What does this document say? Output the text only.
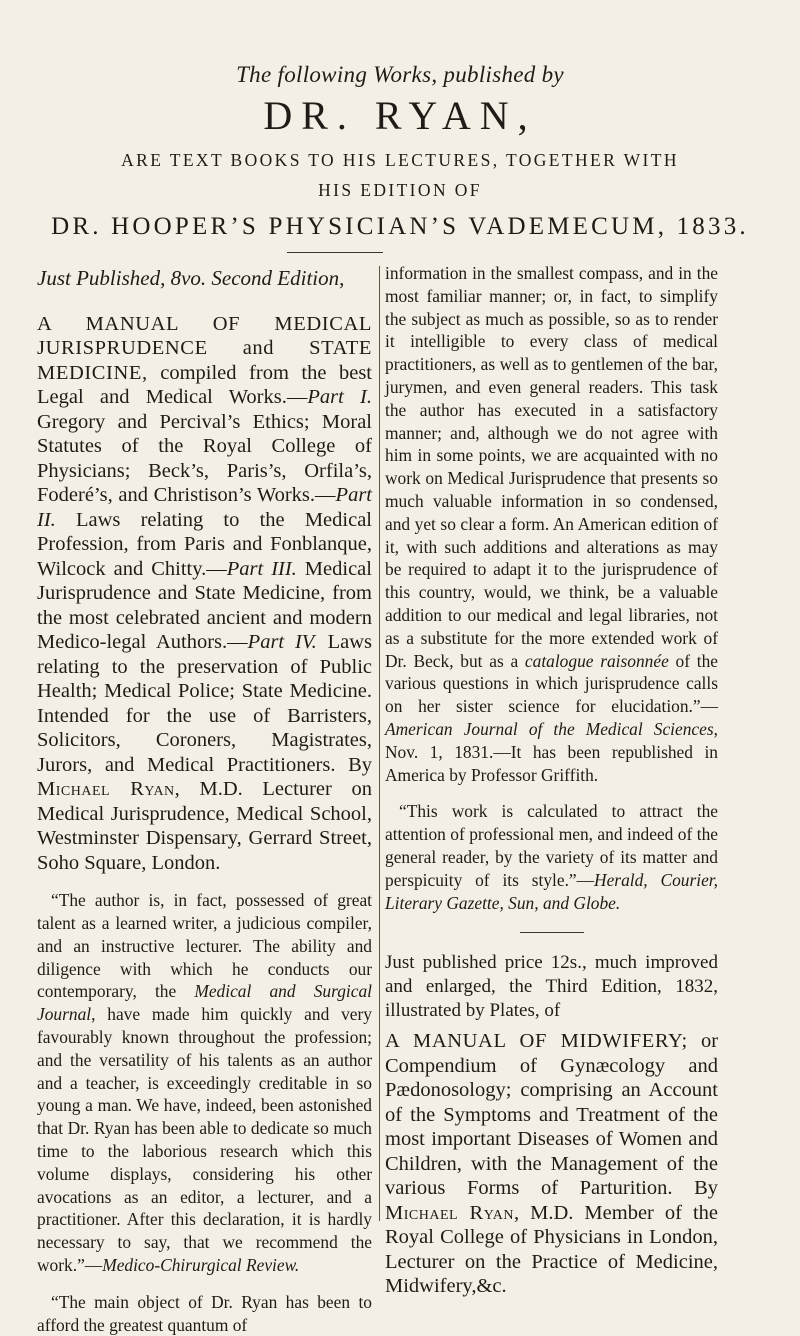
The following Works, published by
DR. RYAN,
ARE TEXT BOOKS TO HIS LECTURES, TOGETHER WITH
HIS EDITION OF
DR. HOOPER’S PHYSICIAN’S VADEMECUM, 1833.

Just Published, 8vo. Second Edition,

A MANUAL OF MEDICAL JURISPRUDENCE and STATE MEDICINE, compiled from the best Legal and Medical Works.—Part I. Gregory and Percival’s Ethics; Moral Statutes of the Royal College of Physicians; Beck’s, Paris’s, Orfila’s, Foderé’s, and Christison’s Works.—Part II. Laws relating to the Medical Profession, from Paris and Fonblanque, Wilcock and Chitty.—Part III. Medical Jurisprudence and State Medicine, from the most celebrated ancient and modern Medico-legal Authors.—Part IV. Laws relating to the preservation of Public Health; Medical Police; State Medicine. Intended for the use of Barristers, Solicitors, Coroners, Magistrates, Jurors, and Medical Practitioners. By Michael Ryan, M.D. Lecturer on Medical Jurisprudence, Medical School, Westminster Dispensary, Gerrard Street, Soho Square, London.

“The author is, in fact, possessed of great talent as a learned writer, a judicious compiler, and an instructive lecturer. The ability and diligence with which he conducts our contemporary, the Medical and Surgical Journal, have made him quickly and very favourably known throughout the profession; and the versatility of his talents as an author and a teacher, is exceedingly creditable in so young a man. We have, indeed, been astonished that Dr. Ryan has been able to dedicate so much time to the laborious research which this volume displays, considering his other avocations as an editor, a lecturer, and a practitioner. After this declaration, it is hardly necessary to say, that we recommend the work.”—Medico-Chirurgical Review.

“The main object of Dr. Ryan has been to afford the greatest quantum of

information in the smallest compass, and in the most familiar manner; or, in fact, to simplify the subject as much as possible, so as to render it intelligible to every class of medical practitioners, as well as to gentlemen of the bar, jurymen, and even general readers. This task the author has executed in a satisfactory manner; and, although we do not agree with him in some points, we are acquainted with no work on Medical Jurisprudence that presents so much valuable information in so condensed, and yet so clear a form. An American edition of it, with such additions and alterations as may be required to adapt it to the jurisprudence of this country, would, we think, be a valuable addition to our medical and legal libraries, not as a substitute for the more extended work of Dr. Beck, but as a catalogue raisonnée of the various questions in which jurisprudence calls on her sister science for elucidation.”—American Journal of the Medical Sciences, Nov. 1, 1831.—It has been republished in America by Professor Griffith.

“This work is calculated to attract the attention of professional men, and indeed of the general reader, by the variety of its matter and perspicuity of its style.”—Herald, Courier, Literary Gazette, Sun, and Globe.

Just published price 12s., much improved and enlarged, the Third Edition, 1832, illustrated by Plates, of

A MANUAL OF MIDWIFERY; or Compendium of Gynæcology and Pædonosology; comprising an Account of the Symptoms and Treatment of the most important Diseases of Women and Children, with the Management of the various Forms of Parturition. By Michael Ryan, M.D. Member of the Royal College of Physicians in London, Lecturer on the Practice of Medicine, Midwifery,&c.
